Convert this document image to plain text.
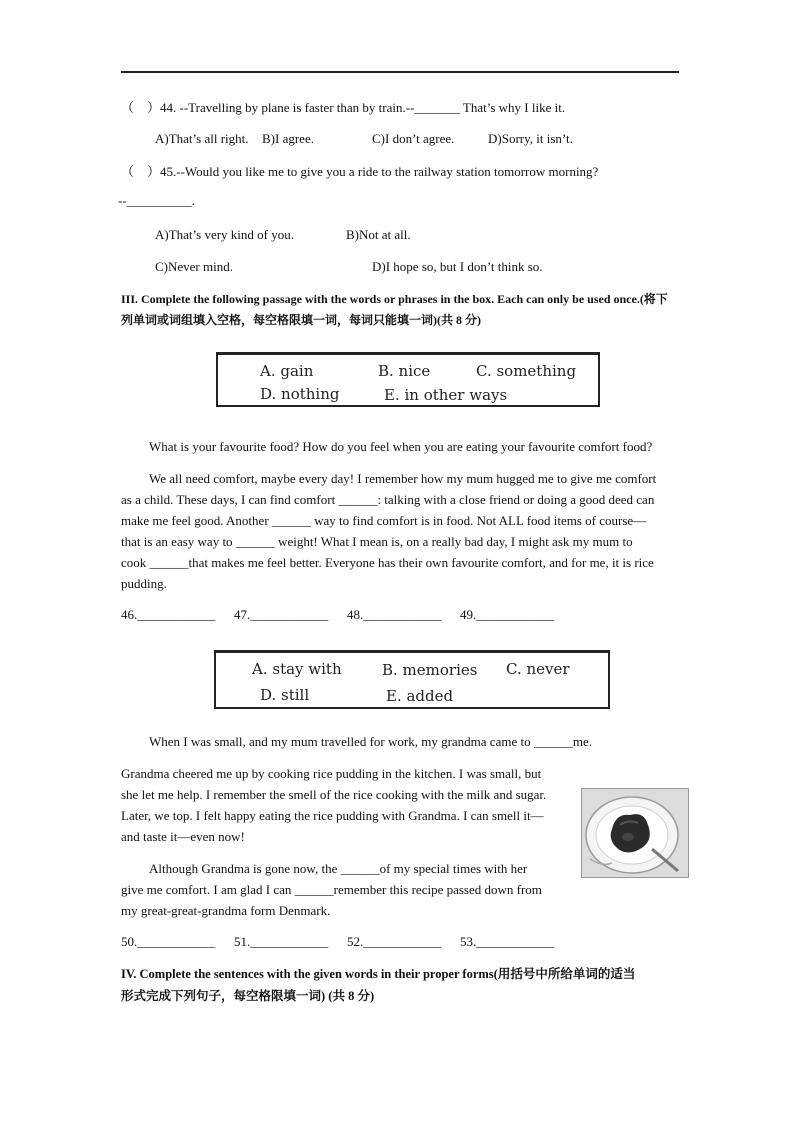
（　）44. --Travelling by plane is faster than by train.--_______ That’s why I like it.
A)That’s all right. B)I agree.	C)I don’t agree.	D)Sorry, it isn’t.
（　）45.--Would you like me to give you a ride to the railway station tomorrow morning?
--__________.
A)That’s very kind of you.	B)Not at all.
C)Never mind.	D)I hope so, but I don’t think so.
III. Complete the following passage with the words or phrases in the box. Each can only be used once.(将下
列单词或词组填入空格，每空格限填一词，每词只能填一词)(共 8 分)
A. gain	B. nice	C. something
D. nothing	E. in other ways
What is your favourite food? How do you feel when you are eating your favourite comfort food?
We all need comfort, maybe every day! I remember how my mum hugged me to give me comfort
as a child. These days, I can find comfort ______: talking with a close friend or doing a good deed can
make me feel good. Another ______ way to find comfort is in food. Not ALL food items of course—
that is an easy way to ______ weight! What I mean is, on a really bad day, I might ask my mum to
cook ______that makes me feel better. Everyone has their own favourite comfort, and for me, it is rice
pudding.
46.____________ 47.____________ 48.____________ 49.____________
A. stay with	B. memories C. never
D. still	E. added
When I was small, and my mum travelled for work, my grandma came to ______me.
Grandma cheered me up by cooking rice pudding in the kitchen. I was small, but
she let me help. I remember the smell of the rice cooking with the milk and sugar.
Later, we top. I felt happy eating the rice pudding with Grandma. I can smell it—
and taste it—even now!
Although Grandma is gone now, the ______of my special times with her
give me comfort. I am glad I can ______remember this recipe passed down from
my great-great-grandma form Denmark.
50.____________ 51.____________ 52.____________ 53.____________
IV. Complete the sentences with the given words in their proper forms(用括号中所给单词的适当
形式完成下列句子，每空格限填一词) (共 8 分)
